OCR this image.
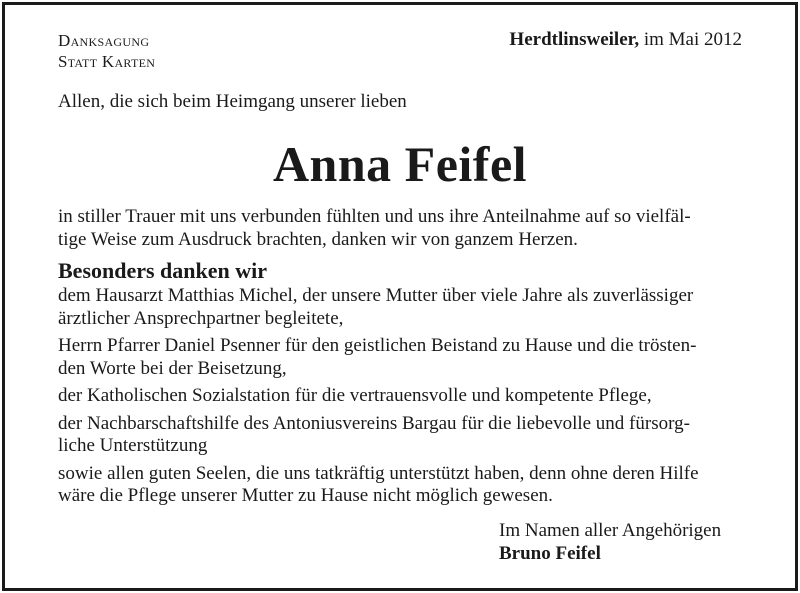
Danksagung
Statt Karten
Herdtlinsweiler, im Mai 2012
Allen, die sich beim Heimgang unserer lieben
Anna Feifel
in stiller Trauer mit uns verbunden fühlten und uns ihre Anteilnahme auf so vielfäl-
tige Weise zum Ausdruck brachten, danken wir von ganzem Herzen.
Besonders danken wir
dem Hausarzt Matthias Michel, der unsere Mutter über viele Jahre als zuverlässiger
ärztlicher Ansprechpartner begleitete,
Herrn Pfarrer Daniel Psenner für den geistlichen Beistand zu Hause und die trösten-
den Worte bei der Beisetzung,
der Katholischen Sozialstation für die vertrauensvolle und kompetente Pflege,
der Nachbarschaftshilfe des Antoniusvereins Bargau für die liebevolle und fürsorg-
liche Unterstützung
sowie allen guten Seelen, die uns tatkräftig unterstützt haben, denn ohne deren Hilfe
wäre die Pflege unserer Mutter zu Hause nicht möglich gewesen.
Im Namen aller Angehörigen
Bruno Feifel
